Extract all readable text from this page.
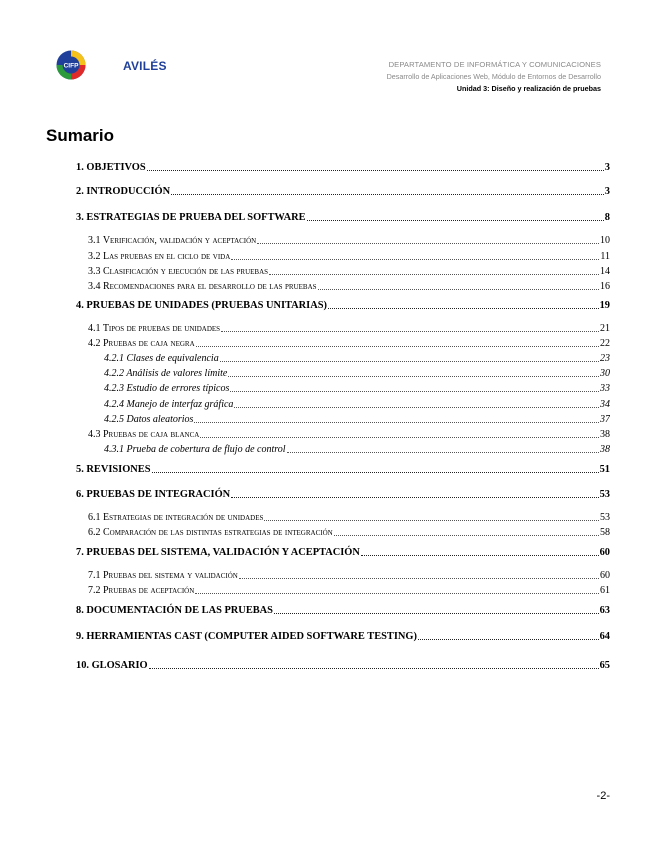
CIFP	AVILÉS	DEPARTAMENTO DE INFORMÁTICA Y COMUNICACIONES
Desarrollo de Aplicaciones Web, Módulo de Entornos de Desarrollo
Unidad 3: Diseño y realización de pruebas
Sumario
1. OBJETIVOS	3
2. INTRODUCCIÓN	3
3. ESTRATEGIAS DE PRUEBA DEL SOFTWARE	8
3.1 Verificación, validación y aceptación	10
3.2 Las pruebas en el ciclo de vida	11
3.3 Clasificación y ejecución de las pruebas	14
3.4 Recomendaciones para el desarrollo de las pruebas	16
4. PRUEBAS DE UNIDADES (PRUEBAS UNITARIAS)	19
4.1 Tipos de pruebas de unidades	21
4.2 Pruebas de caja negra	22
4.2.1 Clases de equivalencia	23
4.2.2 Análisis de valores límite	30
4.2.3 Estudio de errores típicos	33
4.2.4 Manejo de interfaz gráfica	34
4.2.5 Datos aleatorios	37
4.3 Pruebas de caja blanca	38
4.3.1 Prueba de cobertura de flujo de control	38
5. REVISIONES	51
6. PRUEBAS DE INTEGRACIÓN	53
6.1 Estrategias de integración de unidades	53
6.2 Comparación de las distintas estrategias de integración	58
7. PRUEBAS DEL SISTEMA, VALIDACIÓN Y ACEPTACIÓN	60
7.1 Pruebas del sistema y validación	60
7.2 Pruebas de aceptación	61
8. DOCUMENTACIÓN DE LAS PRUEBAS	63
9. HERRAMIENTAS CAST (COMPUTER AIDED SOFTWARE TESTING)	64
10. GLOSARIO	65
-2-
